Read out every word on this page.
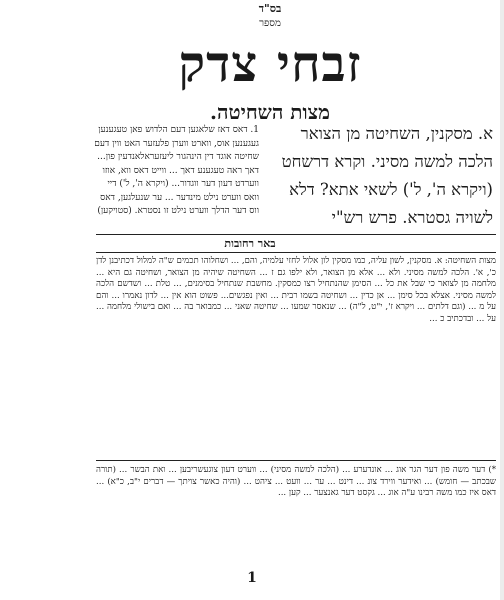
בס"ד
מספר
זבחי צדק
מצות השחיטה.
א. מסקנין, השחיטה מן הצואר הלכה למשה מסיני. וקרא דרשחט (ויקרא ה', ל') לשאי אתא? דלא לשויה גסטרא. פרש רש"י
1. דאס דאז שלאגען דעם הלדוש פאן טעגענען געגענען אוס, ווארט ווערן פלעזער האט ווין דעם שחיטה אוגד דין הינהגור ליעזעראלאנדעין פון... דאך ראה טעגענע דאך ... ווייט דאס ווא, אוזו ווערדט דעון דער ווגדור... (ויקרא ה', ל') דיי וואס ווערט נילט מינדער ... ער שנעלגען, דאס ווס דער הדלך ווערט נילט זו נסטרא. (סטויקען)
באר רחובות
מצות השחיטה: א. מסקנין, לשון עליה, כמו מסקין לון אלול לחזי עלמיה, והם, ... ושחלוהו תכמים ש"ה למלול דכתיבנן לדן כ', א'. הלכה למשה מסיני. ולא ... אלא מן הצואר, ולא ילפו גם ז ... השחיטה שיהיה מן הצואר, ושחיטה גם היא ... מלחמה מן לצואר כי שבל את כל ... הסימן שהנתחיל רצו כמסקין. מחשבת שנתחיל בסימנים, ... טלת ... ושדשם הלכה למשה מסיני. אצלא בכל סימן ... אן כדין ... ושחיטה בשמו רבית ... ואין נפגשים... פשוט הוא אין ... לדון נאמרו ... והם על מ ... (וגם דלתים ... ויקרא ז', י"ט, ל"ה) ... שנאסר שמעו ... שחיטה שאני ... כמבואר בה ... ואם בישולי מלחמה ... על ... ובדכתיב כ ...
*) דער משה פון דער הגר אוג ... אונדערע ... (הלכה למשה מסיני) ... ווערט דעון צוגעשריבען ... ואת הבשר ... (תורה שבכתב — חומש) ... ואידער ווירד צונ ... דינט ... ער ... וועט ... ציהט ... (והיה כאשר צויתך — דברים י"ב, כ"א) ... דאס איז כמו משה רבינו ע"ה אוג ... גקסט דער גאנצער ... קען ...
1
